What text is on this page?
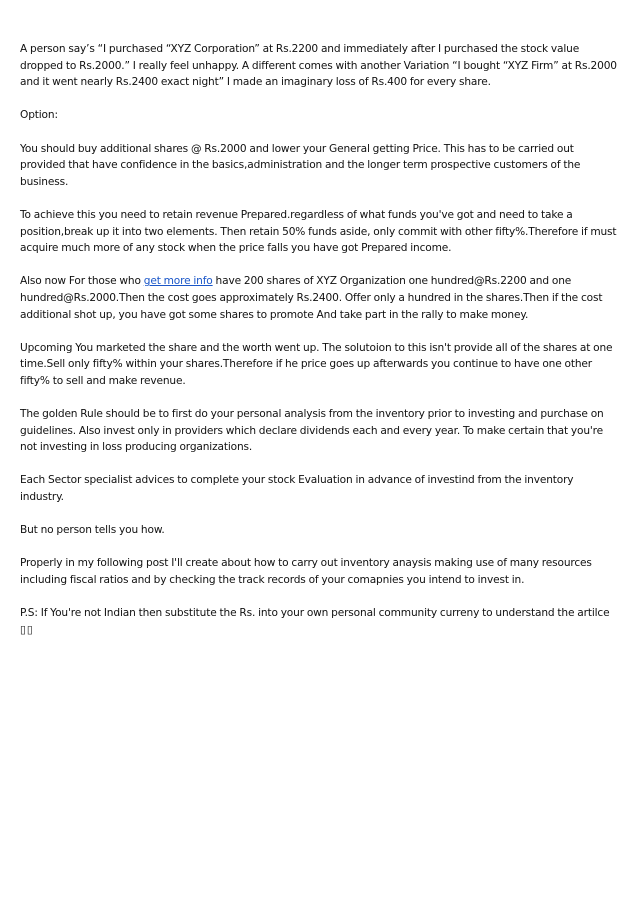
A person say’s “I purchased “XYZ Corporation” at Rs.2200 and immediately after I purchased the stock value dropped to Rs.2000.” I really feel unhappy. A different comes with another Variation “I bought “XYZ Firm” at Rs.2000 and it went nearly Rs.2400 exact night” I made an imaginary loss of Rs.400 for every share.

Option:

You should buy additional shares @ Rs.2000 and lower your General getting Price. This has to be carried out provided that have confidence in the basics,administration and the longer term prospective customers of the business.

To achieve this you need to retain revenue Prepared.regardless of what funds you've got and need to take a position,break up it into two elements. Then retain 50% funds aside, only commit with other fifty%.Therefore if must acquire much more of any stock when the price falls you have got Prepared income.

Also now For those who get more info have 200 shares of XYZ Organization one hundred@Rs.2200 and one hundred@Rs.2000.Then the cost goes approximately Rs.2400. Offer only a hundred in the shares.Then if the cost additional shot up, you have got some shares to promote And take part in the rally to make money.

Upcoming You marketed the share and the worth went up. The solutoion to this isn't provide all of the shares at one time.Sell only fifty% within your shares.Therefore if he price goes up afterwards you continue to have one other fifty% to sell and make revenue.

The golden Rule should be to first do your personal analysis from the inventory prior to investing and purchase on guidelines. Also invest only in providers which declare dividends each and every year. To make certain that you're not investing in loss producing organizations.

Each Sector specialist advices to complete your stock Evaluation in advance of investind from the inventory industry.

But no person tells you how.

Properly in my following post I'll create about how to carry out inventory anaysis making use of many resources including fiscal ratios and by checking the track records of your comapnies you intend to invest in.

P.S: If You're not Indian then substitute the Rs. into your own personal community curreny to understand the artilce ▯▯
